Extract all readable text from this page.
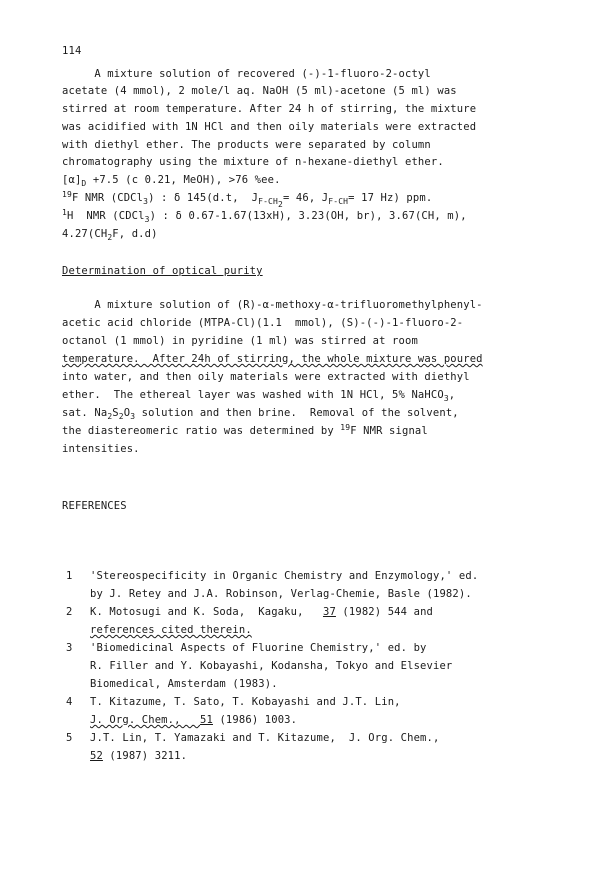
114
A mixture solution of recovered (-)-1-fluoro-2-octyl
acetate (4 mmol), 2 mole/l aq. NaOH (5 ml)-acetone (5 ml) was
stirred at room temperature. After 24 h of stirring, the mixture
was acidified with 1N HCl and then oily materials were extracted
with diethyl ether. The products were separated by column
chromatography using the mixture of n-hexane-diethyl ether.
$[\alpha]_D +7.5$ (c 0.21, MeOH), >76 %ee.
$^{19}$F NMR (CDCl$_3$) : δ 145(d.t,  $J_{F-CH_2}= 46$, $J_{F-CH}= 17$ Hz) ppm.
$^1$H  NMR (CDCl$_3$) : δ 0.67-1.67(13xH), 3.23(OH, br), 3.67(CH, m),
$4.27(CH_2F$, d.d)
Determination of optical purity
A mixture solution of (R)-α-methoxy-α-trifluoromethylphenyl-
acetic acid chloride (MTPA-Cl)(1.1  mmol), (S)-(-)-1-fluoro-2-
octanol (1 mmol) in pyridine (1 ml) was stirred at room
temperature.  After 24h of stirring, the whole mixture was poured
into water, and then oily materials were extracted with diethyl
ether.  The ethereal layer was washed with 1N HCl, 5% NaHCO$_3$,
sat. $Na_2S_2O_3$ solution and then brine.  Removal of the solvent,
the diastereomeric ratio was determined by $^{19}$F NMR signal
intensities.
REFERENCES
1 'Stereospecificity in Organic Chemistry and Enzymology,' ed.
by J. Retey and J.A. Robinson, Verlag-Chemie, Basle (1982).
2 K. Motosugi and K. Soda,  Kagaku,   37 (1982) 544 and
references cited therein.
3 'Biomedicinal Aspects of Fluorine Chemistry,' ed. by
R. Filler and Y. Kobayashi, Kodansha, Tokyo and Elsevier
Biomedical, Amsterdam (1983).
4 T. Kitazume, T. Sato, T. Kobayashi and J.T. Lin,
J. Org. Chem.,   51 (1986) 1003.
5 J.T. Lin, T. Yamazaki and T. Kitazume,  J. Org. Chem.,
52 (1987) 3211.
